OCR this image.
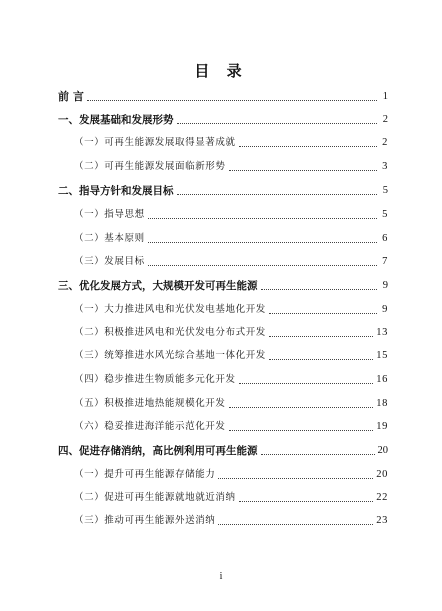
目 录
前 言	1
一、发展基础和发展形势	2
（一）可再生能源发展取得显著成就	2
（二）可再生能源发展面临新形势	3
二、指导方针和发展目标	5
（一）指导思想	5
（二）基本原则	6
（三）发展目标	7
三、优化发展方式，大规模开发可再生能源	9
（一）大力推进风电和光伏发电基地化开发	9
（二）积极推进风电和光伏发电分布式开发	13
（三）统筹推进水风光综合基地一体化开发	15
（四）稳步推进生物质能多元化开发	16
（五）积极推进地热能规模化开发	18
（六）稳妥推进海洋能示范化开发	19
四、促进存储消纳，高比例利用可再生能源	20
（一）提升可再生能源存储能力	20
（二）促进可再生能源就地就近消纳	22
（三）推动可再生能源外送消纳	23
i
